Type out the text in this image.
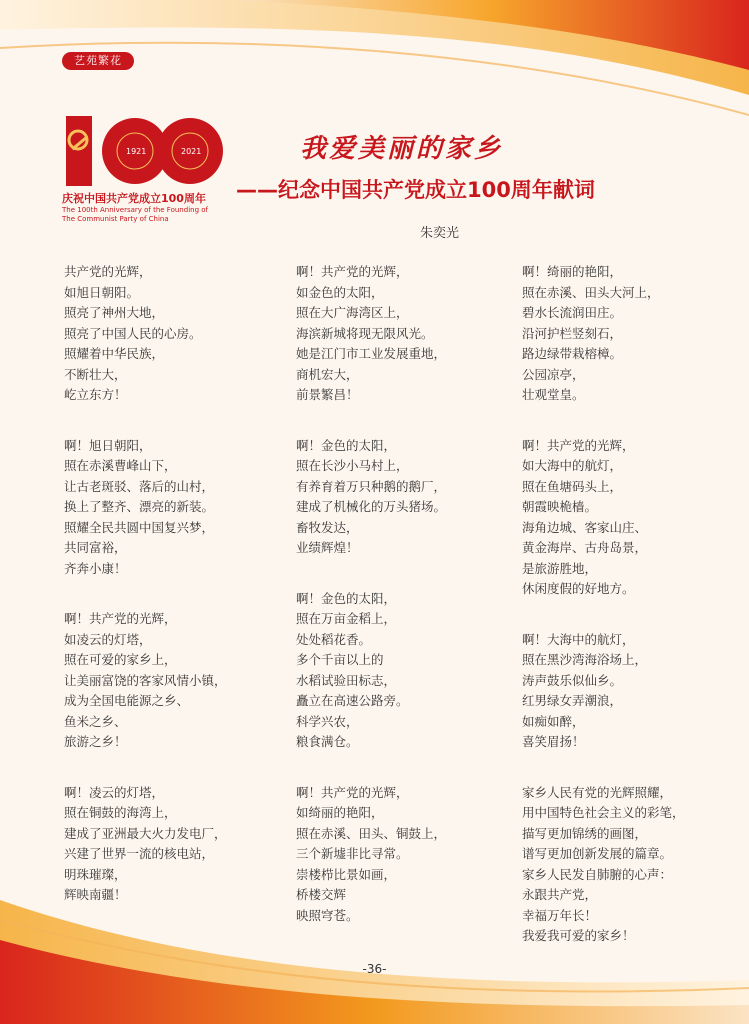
艺苑繁花
1921	2021
庆祝中国共产党成立100周年
The 100th Anniversary of the Founding of
The Communist Party of China
我爱美丽的家乡
——纪念中国共产党成立100周年献词
朱奕光
共产党的光辉，
如旭日朝阳。
照亮了神州大地，
照亮了中国人民的心房。
照耀着中华民族，
不断壮大，
屹立东方！
啊！旭日朝阳，
照在赤溪曹峰山下，
让古老斑驳、落后的山村，
换上了整齐、漂亮的新装。
照耀全民共圆中国复兴梦，
共同富裕，
齐奔小康！
啊！共产党的光辉，
如凌云的灯塔，
照在可爱的家乡上，
让美丽富饶的客家风情小镇，
成为全国电能源之乡、
鱼米之乡、
旅游之乡！
啊！凌云的灯塔，
照在铜鼓的海湾上，
建成了亚洲最大火力发电厂，
兴建了世界一流的核电站，
明珠璀璨，
辉映南疆！
啊！共产党的光辉，
如金色的太阳，
照在大广海湾区上，
海滨新城将现无限风光。
她是江门市工业发展重地，
商机宏大，
前景繁昌！
啊！金色的太阳，
照在长沙小马村上，
有养育着万只种鹅的鹅厂，
建成了机械化的万头猪场。
畜牧发达，
业绩辉煌！
啊！金色的太阳，
照在万亩金稻上，
处处稻花香。
多个千亩以上的
水稻试验田标志，
矗立在高速公路旁。
科学兴农，
粮食满仓。
啊！共产党的光辉，
如绮丽的艳阳，
照在赤溪、田头、铜鼓上，
三个新墟非比寻常。
崇楼栉比景如画，
桥楼交辉
映照穹苍。
啊！绮丽的艳阳，
照在赤溪、田头大河上，
碧水长流润田庄。
沿河护栏竖刻石，
路边绿带栽榕樟。
公园凉亭，
壮观堂皇。
啊！共产党的光辉，
如大海中的航灯，
照在鱼塘码头上，
朝霞映桅樯。
海角边城、客家山庄、
黄金海岸、古舟岛景，
是旅游胜地，
休闲度假的好地方。
啊！大海中的航灯，
照在黑沙湾海浴场上，
涛声鼓乐似仙乡。
红男绿女弄潮浪，
如痴如醉，
喜笑眉扬！
家乡人民有党的光辉照耀，
用中国特色社会主义的彩笔，
描写更加锦绣的画图，
谱写更加创新发展的篇章。
家乡人民发自肺腑的心声：
永跟共产党，
幸福万年长！
我爱我可爱的家乡！
-36-
